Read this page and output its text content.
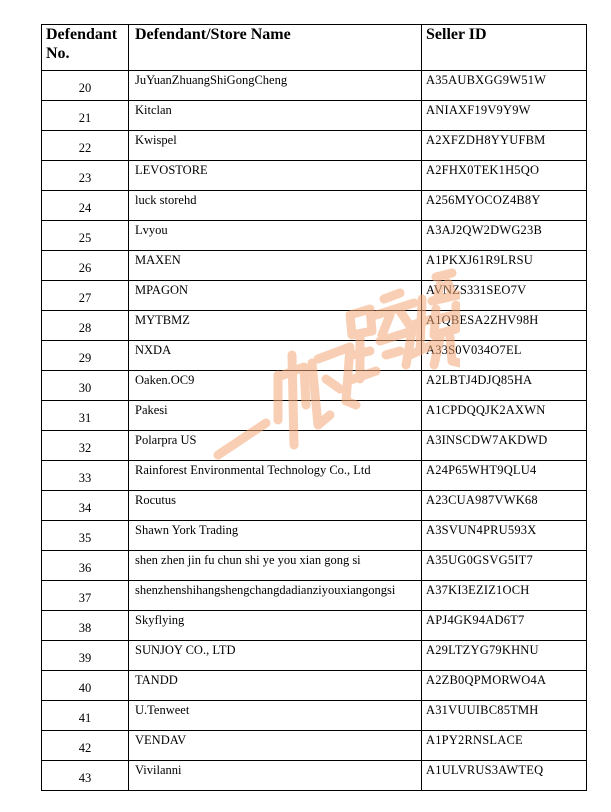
Defendant No.	Defendant/Store Name	Seller ID
20	JuYuanZhuangShiGongCheng	A35AUBXGG9W51W
21	Kitclan	ANIAXF19V9Y9W
22	Kwispel	A2XFZDH8YYUFBM
23	LEVOSTORE	A2FHX0TEK1H5QO
24	luck storehd	A256MYOCOZ4B8Y
25	Lvyou	A3AJ2QW2DWG23B
26	MAXEN	A1PKXJ61R9LRSU
27	MPAGON	AVNZS331SEO7V
28	MYTBMZ	A1QBESA2ZHV98H
29	NXDA	A33S0V034O7EL
30	Oaken.OC9	A2LBTJ4DJQ85HA
31	Pakesi	A1CPDQQJK2AXWN
32	Polarpra US	A3INSCDW7AKDWD
33	Rainforest Environmental Technology Co., Ltd	A24P65WHT9QLU4
34	Rocutus	A23CUA987VWK68
35	Shawn York Trading	A3SVUN4PRU593X
36	shen zhen jin fu chun shi ye you xian gong si	A35UG0GSVG5IT7
37	shenzhenshihangshengchangdadianziyouxiangongsi	A37KI3EZIZ1OCH
38	Skyflying	APJ4GK94AD6T7
39	SUNJOY CO., LTD	A29LTZYG79KHNU
40	TANDD	A2ZB0QPMORWO4A
41	U.Tenweet	A31VUUIBC85TMH
42	VENDAV	A1PY2RNSLACE
43	Vivilanni	A1ULVRUS3AWTEQ
